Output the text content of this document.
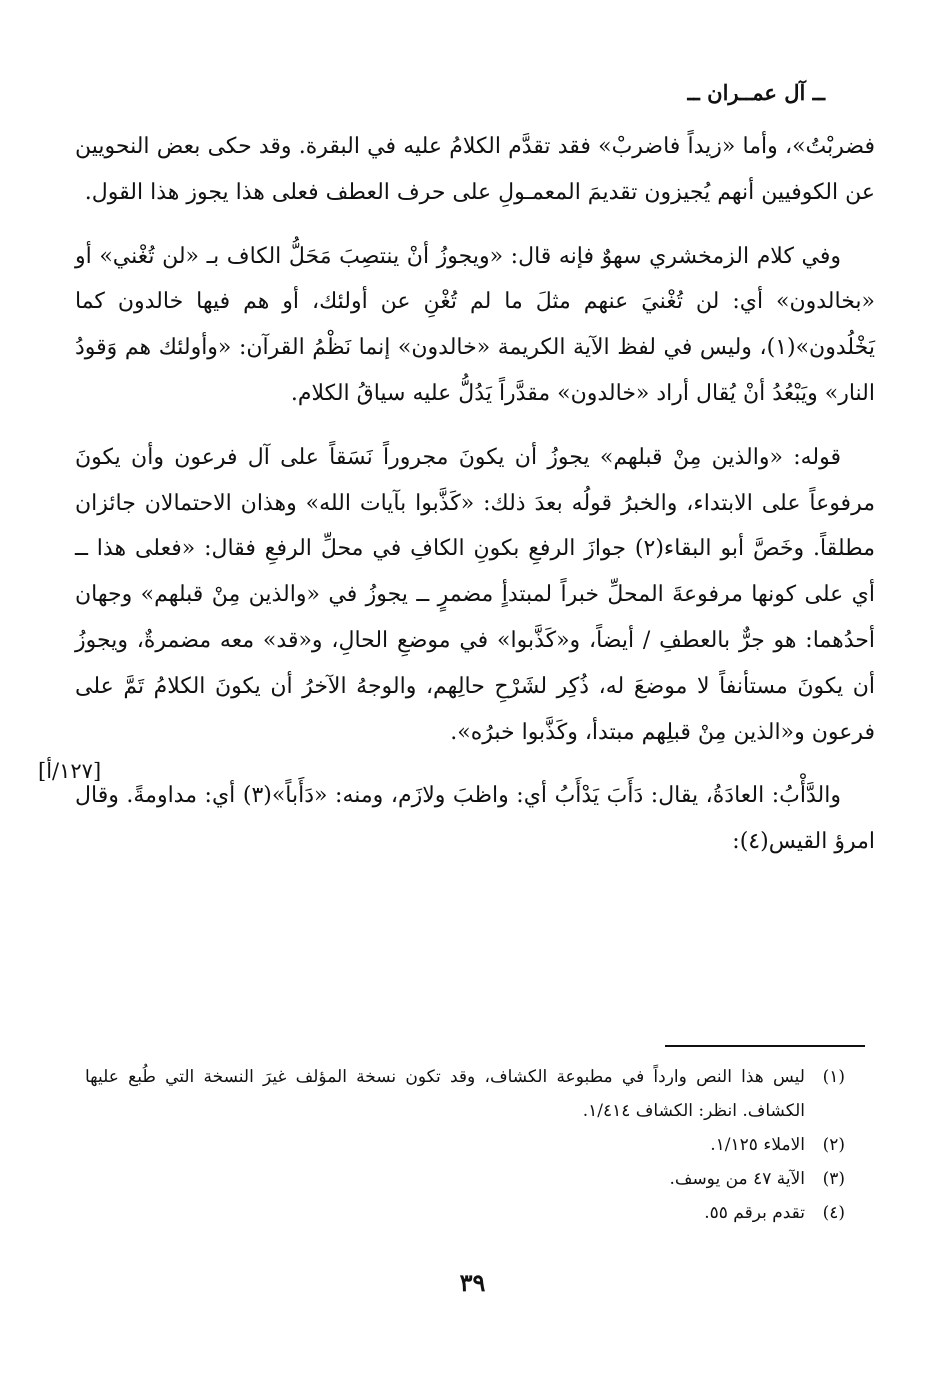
ــ آل عمــران ــ

فضربْتُ»، وأما «زيداً فاضربْ» فقد تقدَّم الكلامُ عليه في البقرة. وقد حكى بعض النحويين عن الكوفيين أنهم يُجيزون تقديمَ المعمـولِ على حرف العطف فعلى هذا يجوز هذا القول.

وفي كلام الزمخشري سهوٌ فإنه قال: «ويجوزُ أنْ ينتصِبَ مَحَلُّ الكاف بـ «لن تُغْني» أو «بخالدون» أي: لن تُغْنيَ عنهم مثلَ ما لم تُغْنِ عن أولئك، أو هم فيها خالدون كما يَخْلُدون»(١)، وليس في لفظ الآية الكريمة «خالدون» إنما نَظْمُ القرآن: «وأولئك هم وَقودُ النار» ويَبْعُدُ أنْ يُقال أراد «خالدون» مقدَّراً يَدُلُّ عليه سياقُ الكلام.

قوله: «والذين مِنْ قبلهم» يجوزُ أن يكونَ مجروراً نَسَقاً على آل فرعون وأن يكونَ مرفوعاً على الابتداء، والخبرُ قولُه بعدَ ذلك: «كَذَّبوا بآيات الله» وهذان الاحتمالان جائزان مطلقاً. وخَصَّ أبو البقاء(٢) جوازَ الرفعِ بكونِ الكافِ في محلِّ الرفعِ فقال: «فعلى هذا ــ أي على كونها مرفوعةَ المحلِّ خبراً لمبتدأٍ مضمرٍ ــ يجوزُ في «والذين مِنْ قبلهم» وجهان أحدُهما: هو جرٌّ بالعطفِ / أيضاً، و«كَذَّبوا» في موضعِ الحالِ، و«قد» معه مضمرةٌ، ويجوزُ أن يكونَ مستأنفاً لا موضعَ له، ذُكِر لشَرْحِ حالِهم، والوجهُ الآخرُ أن يكونَ الكلامُ تَمَّ على فرعون و«الذين مِنْ قبلِهم مبتدأ، وكَذَّبوا خبرُه».

والدَّأْبُ: العادَةُ، يقال: دَأَبَ يَدْأَبُ أي: واظبَ ولازَم، ومنه: «دَأَباً»(٣) أي: مداومةً. وقال امرؤ القيس(٤):

[١٢٧/أ]
(١)
ليس هذا النص وارداً في مطبوعة الكشاف، وقد تكون نسخة المؤلف غيرَ النسخة التي طُبع عليها الكشاف. انظر: الكشاف ١/٤١٤.
(٢)
الاملاء ١/١٢٥.
(٣)
الآية ٤٧ من يوسف.
(٤)
تقدم برقم ٥٥.
٣٩
